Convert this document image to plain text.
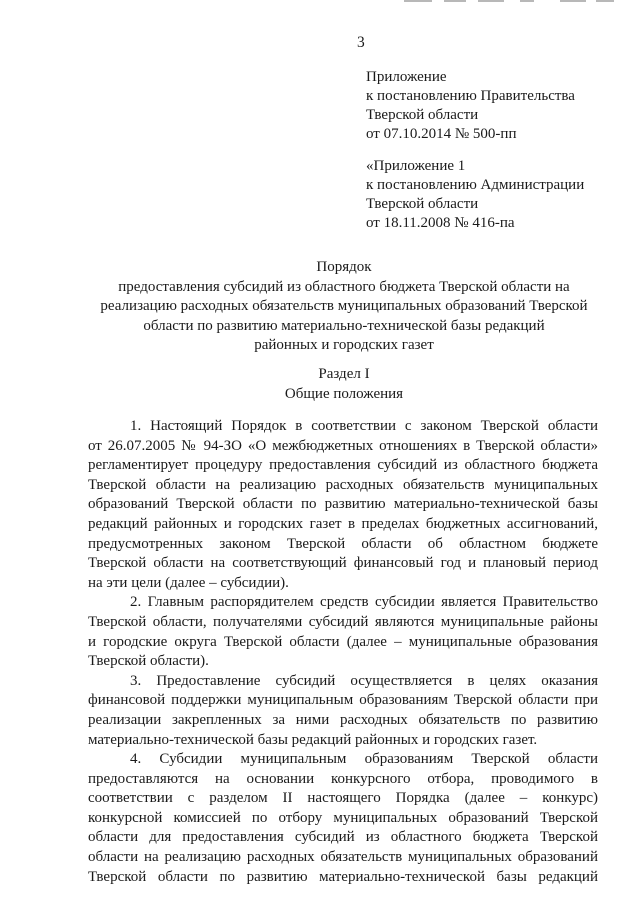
3
Приложение
к постановлению Правительства
Тверской области
от 07.10.2014 № 500-пп
«Приложение 1
к постановлению Администрации
Тверской области
от 18.11.2008 № 416-па
Порядок
предоставления субсидий из областного бюджета Тверской области на
реализацию расходных обязательств муниципальных образований Тверской
области по развитию материально-технической базы редакций
районных и городских газет
Раздел I
Общие положения
1. Настоящий Порядок в соответствии с законом Тверской области
от 26.07.2005 № 94-ЗО «О межбюджетных отношениях в Тверской области»
регламентирует процедуру предоставления субсидий из областного бюджета
Тверской области на реализацию расходных обязательств муниципальных
образований Тверской области по развитию материально-технической базы
редакций районных и городских газет в пределах бюджетных ассигнований,
предусмотренных законом Тверской области об областном бюджете
Тверской области на соответствующий финансовый год и плановый период
на эти цели (далее – субсидии).
2. Главным распорядителем средств субсидии является Правительство
Тверской области, получателями субсидий являются муниципальные районы
и городские округа Тверской области (далее – муниципальные образования
Тверской области).
3. Предоставление субсидий осуществляется в целях оказания
финансовой поддержки муниципальным образованиям Тверской области при
реализации закрепленных за ними расходных обязательств по развитию
материально-технической базы редакций районных и городских газет.
4. Субсидии муниципальным образованиям Тверской области
предоставляются на основании конкурсного отбора, проводимого в
соответствии с разделом II настоящего Порядка (далее – конкурс)
конкурсной комиссией по отбору муниципальных образований Тверской
области для предоставления субсидий из областного бюджета Тверской
области на реализацию расходных обязательств муниципальных образований
Тверской области по развитию материально-технической базы редакций
